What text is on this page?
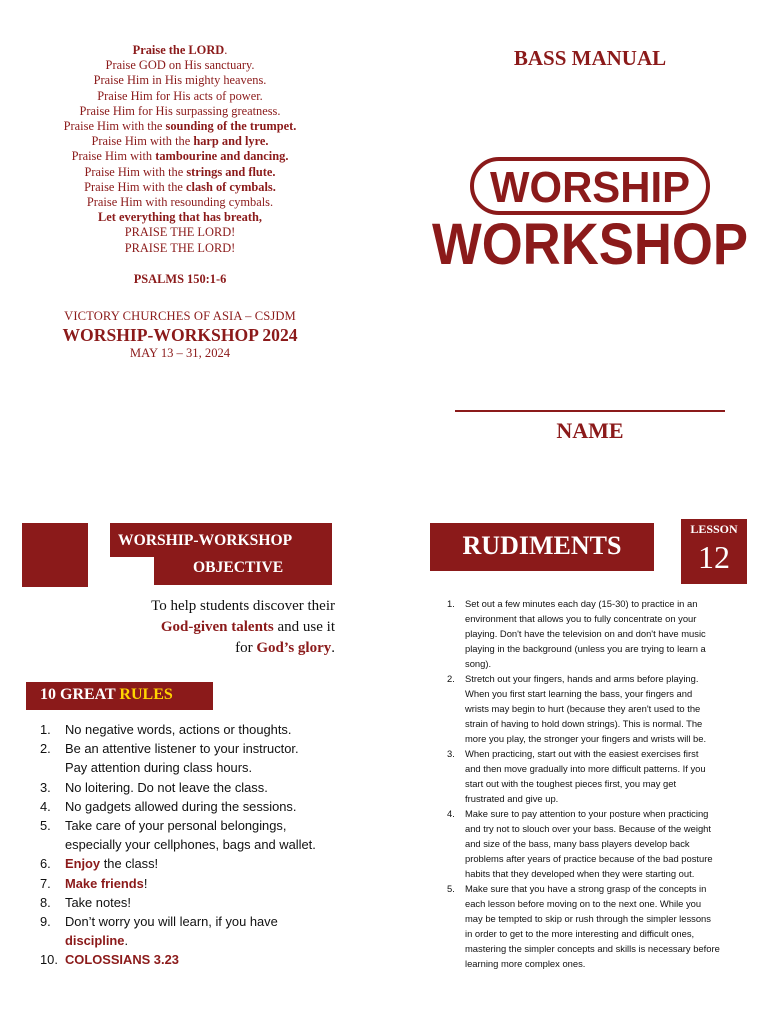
Praise the LORD.
Praise GOD on His sanctuary.
Praise Him in His mighty heavens.
Praise Him for His acts of power.
Praise Him for His surpassing greatness.
Praise Him with the sounding of the trumpet.
Praise Him with the harp and lyre.
Praise Him with tambourine and dancing.
Praise Him with the strings and flute.
Praise Him with the clash of cymbals.
Praise Him with resounding cymbals.
Let everything that has breath,
PRAISE THE LORD!
PRAISE THE LORD!
PSALMS 150:1-6
VICTORY CHURCHES OF ASIA – CSJDM
WORSHIP-WORKSHOP 2024
MAY 13 – 31, 2024
BASS MANUAL
WORSHIP
WORKSHOP
NAME
WORSHIP-WORKSHOP
OBJECTIVE
To help students discover their
God-given talents and use it
for God’s glory.
10 GREAT RULES
1. No negative words, actions or thoughts.
2. Be an attentive listener to your instructor.
Pay attention during class hours.
3. No loitering. Do not leave the class.
4. No gadgets allowed during the sessions.
5. Take care of your personal belongings,
especially your cellphones, bags and wallet.
6. Enjoy the class!
7. Make friends!
8. Take notes!
9. Don’t worry you will learn, if you have
discipline.
10. COLOSSIANS 3.23
RUDIMENTS
LESSON
12
1. Set out a few minutes each day (15-30) to practice in an
environment that allows you to fully concentrate on your
playing. Don't have the television on and don't have music
playing in the background (unless you are trying to learn a
song).
2. Stretch out your fingers, hands and arms before playing.
When you first start learning the bass, your fingers and
wrists may begin to hurt (because they aren't used to the
strain of having to hold down strings). This is normal. The
more you play, the stronger your fingers and wrists will be.
3. When practicing, start out with the easiest exercises first
and then move gradually into more difficult patterns. If you
start out with the toughest pieces first, you may get
frustrated and give up.
4. Make sure to pay attention to your posture when practicing
and try not to slouch over your bass. Because of the weight
and size of the bass, many bass players develop back
problems after years of practice because of the bad posture
habits that they developed when they were starting out.
5. Make sure that you have a strong grasp of the concepts in
each lesson before moving on to the next one. While you
may be tempted to skip or rush through the simpler lessons
in order to get to the more interesting and difficult ones,
mastering the simpler concepts and skills is necessary before
learning more complex ones.
